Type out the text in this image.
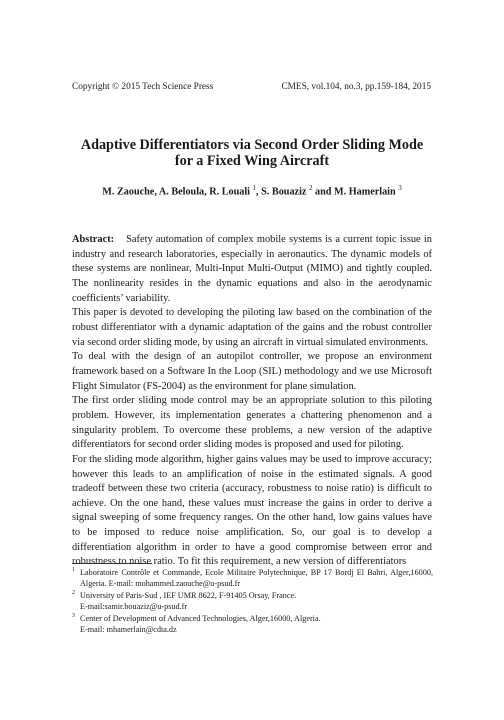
Copyright © 2015 Tech Science Press	CMES, vol.104, no.3, pp.159-184, 2015
Adaptive Differentiators via Second Order Sliding Mode
for a Fixed Wing Aircraft
M. Zaouche, A. Beloula, R. Louali $^1$, S. Bouaziz $^2$ and M. Hamerlain $^3$

Abstract: Safety automation of complex mobile systems is a current topic issue in industry and research laboratories, especially in aeronautics. The dynamic models of these systems are nonlinear, Multi-Input Multi-Output (MIMO) and tightly coupled. The nonlinearity resides in the dynamic equations and also in the aerodynamic coefficients’ variability.

This paper is devoted to developing the piloting law based on the combination of the robust differentiator with a dynamic adaptation of the gains and the robust controller via second order sliding mode, by using an aircraft in virtual simulated environments.

To deal with the design of an autopilot controller, we propose an environment framework based on a Software In the Loop (SIL) methodology and we use Microsoft Flight Simulator (FS-2004) as the environment for plane simulation.

The first order sliding mode control may be an appropriate solution to this piloting problem. However, its implementation generates a chattering phenomenon and a singularity problem. To overcome these problems, a new version of the adaptive differentiators for second order sliding modes is proposed and used for piloting.

For the sliding mode algorithm, higher gains values may be used to improve accuracy; however this leads to an amplification of noise in the estimated signals. A good tradeoff between these two criteria (accuracy, robustness to noise ratio) is difficult to achieve. On the one hand, these values must increase the gains in order to derive a signal sweeping of some frequency ranges. On the other hand, low gains values have to be imposed to reduce noise amplification. So, our goal is to develop a differentiation algorithm in order to have a good compromise between error and robustness to noise ratio. To fit this requirement, a new version of differentiators

1 Laboratoire Contrôle et Commande, Ecole Militaire Polytechnique, BP 17 Bordj El Bahri, Alger,16000, Algeria. E-mail: mohammed.zaouche@u-psud.fr
2 University of Paris-Sud , IEF UMR 8622, F-91405 Orsay, France.
E-mail:samir.bouaziz@u-psud.fr
3 Center of Development of Advanced Technologies, Alger,16000, Algeria.
E-mail: mhamerlain@cdta.dz
